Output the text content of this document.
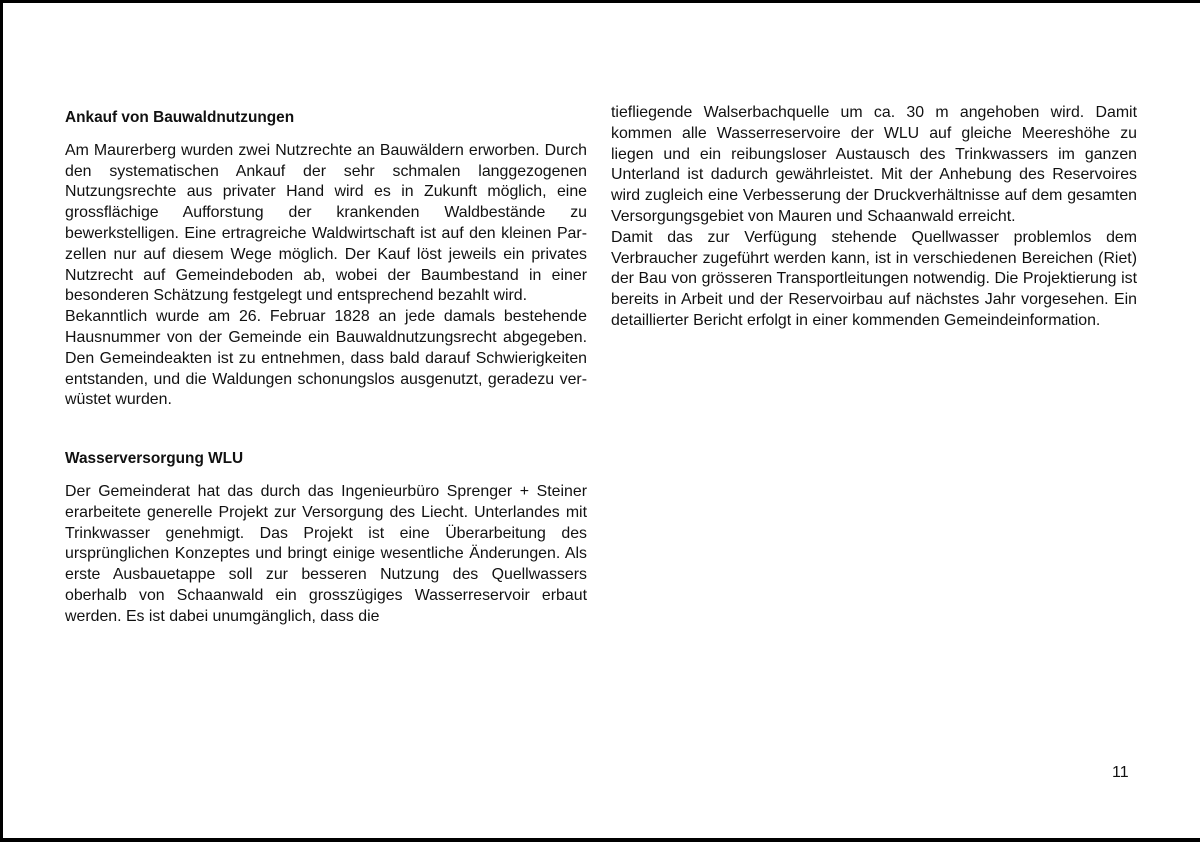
Ankauf von Bauwaldnutzungen

Am Maurerberg wurden zwei Nutzrechte an Bauwäldern erworben. Durch den systematischen Ankauf der sehr schmalen langgezogenen Nutzungsrechte aus privater Hand wird es in Zukunft möglich, eine grossflächige Aufforstung der krankenden Waldbestände zu bewerkstelligen. Eine ertragreiche Waldwirtschaft ist auf den kleinen Parzellen nur auf diesem Wege möglich. Der Kauf löst jeweils ein privates Nutzrecht auf Gemeindeboden ab, wobei der Baumbestand in einer besonderen Schätzung festgelegt und entsprechend bezahlt wird.

Bekanntlich wurde am 26. Februar 1828 an jede damals bestehende Hausnummer von der Gemeinde ein Bauwaldnutzungsrecht abgegeben. Den Gemeindeakten ist zu entnehmen, dass bald darauf Schwierigkeiten entstanden, und die Waldungen schonungslos ausgenutzt, geradezu verwüstet wurden.

Wasserversorgung WLU

Der Gemeinderat hat das durch das Ingenieurbüro Sprenger + Steiner erarbeitete generelle Projekt zur Versorgung des Liecht. Unterlandes mit Trinkwasser genehmigt. Das Projekt ist eine Überarbeitung des ursprünglichen Konzeptes und bringt einige wesentliche Änderungen. Als erste Ausbauetappe soll zur besseren Nutzung des Quellwassers oberhalb von Schaanwald ein grosszügiges Wasserreservoir erbaut werden. Es ist dabei unumgänglich, dass die

tiefliegende Walserbachquelle um ca. 30 m angehoben wird. Damit kommen alle Wasserreservoire der WLU auf gleiche Meereshöhe zu liegen und ein reibungsloser Austausch des Trinkwassers im ganzen Unterland ist dadurch gewährleistet. Mit der Anhebung des Reservoires wird zugleich eine Verbesserung der Druckverhältnisse auf dem gesamten Versorgungsgebiet von Mauren und Schaanwald erreicht.

Damit das zur Verfügung stehende Quellwasser problemlos dem Verbraucher zugeführt werden kann, ist in verschiedenen Bereichen (Riet) der Bau von grösseren Transportleitungen notwendig. Die Projektierung ist bereits in Arbeit und der Reservoirbau auf nächstes Jahr vorgesehen. Ein detaillierter Bericht erfolgt in einer kommenden Gemeindeinformation.

11
